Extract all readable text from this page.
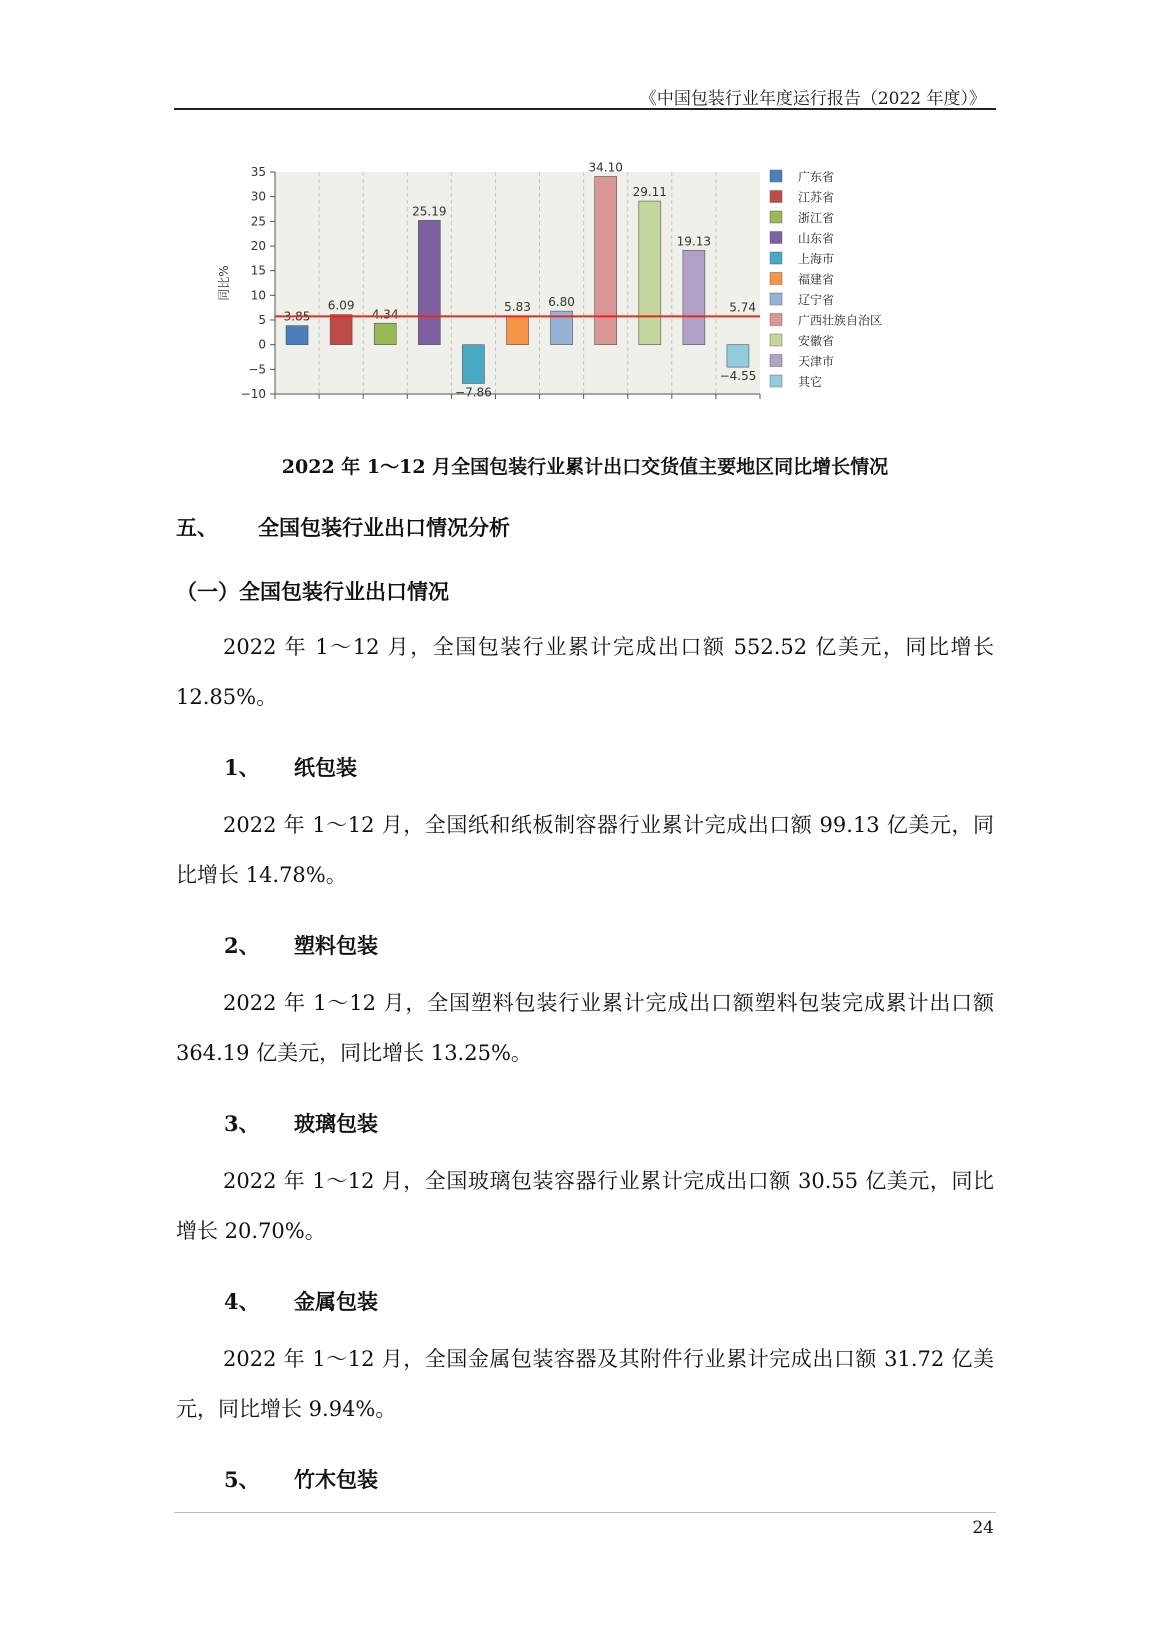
《中国包装行业年度运行报告（2022 年度）》
35
30
25
20
15
10
5
0
−5
−10
同比%
3.85
6.09
4.34
25.19
−7.86
5.83 6.80
34.10
29.11
19.13
−4.55
5.74
广东省
江苏省
浙江省
山东省
上海市
福建省
辽宁省
广西壮族自治区
安徽省
天津市
其它
2022 年 1～12 月全国包装行业累计出口交货值主要地区同比增长情况
五、 全国包装行业出口情况分析
（一）全国包装行业出口情况
2022 年 1～12 月，全国包装行业累计完成出口额 552.52 亿美元，同比增长 12.85%。
1、 纸包装
2022 年 1～12 月，全国纸和纸板制容器行业累计完成出口额 99.13 亿美元，同比增长 14.78%。
2、 塑料包装
2022 年 1～12 月，全国塑料包装行业累计完成出口额塑料包装完成累计出口额 364.19 亿美元，同比增长 13.25%。
3、 玻璃包装
2022 年 1～12 月，全国玻璃包装容器行业累计完成出口额 30.55 亿美元，同比增长 20.70%。
4、 金属包装
2022 年 1～12 月，全国金属包装容器及其附件行业累计完成出口额 31.72 亿美元，同比增长 9.94%。
5、 竹木包装
24
